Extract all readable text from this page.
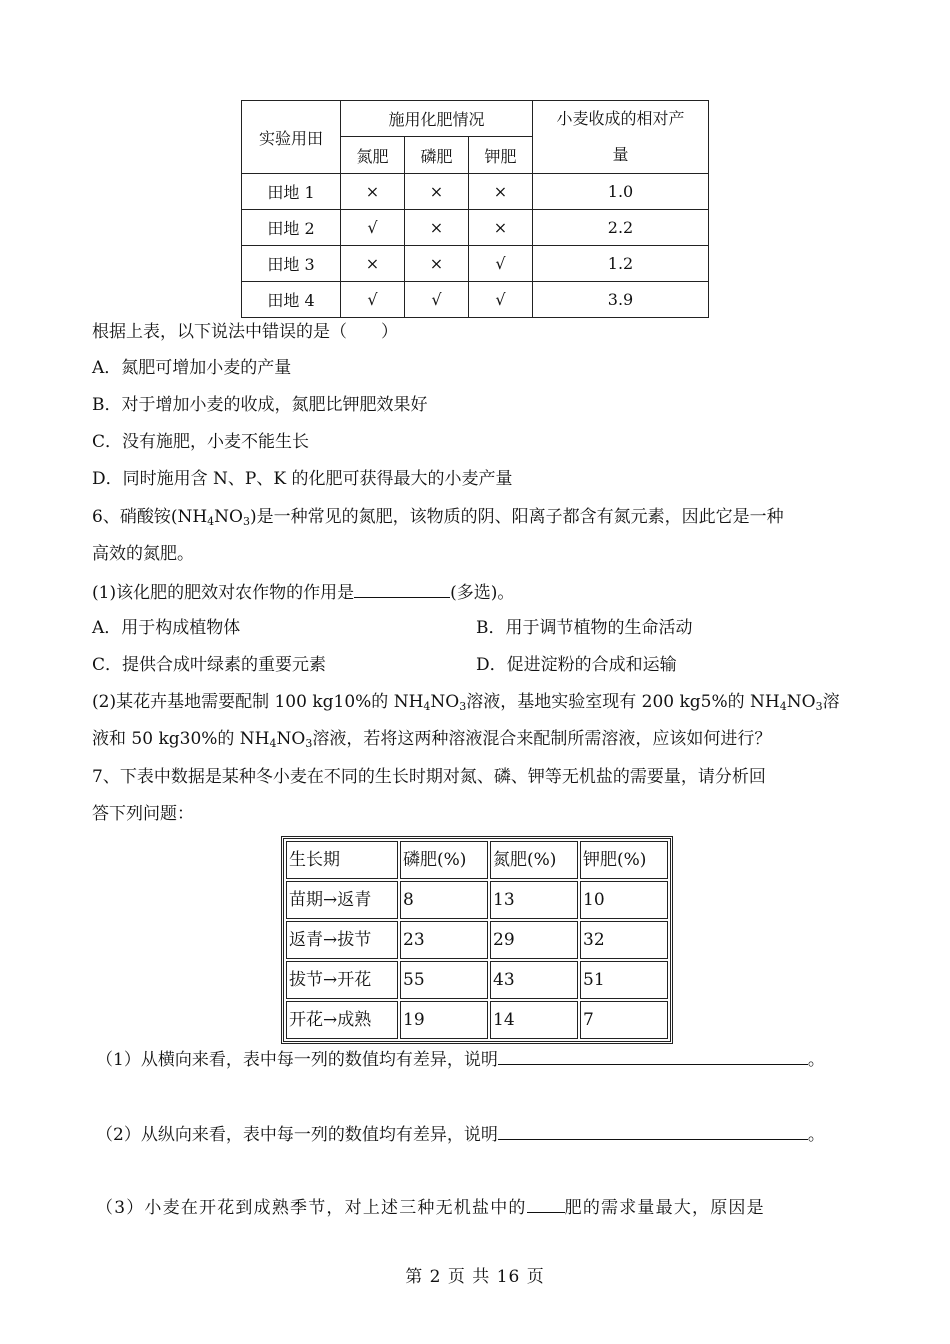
实验用田	施用化肥情况			小麦收成的相对产
量
	氮肥	磷肥	钾肥	
田地 1	×	×	×	1.0
田地 2	√	×	×	2.2
田地 3	×	×	√	1.2
田地 4	√	√	√	3.9
根据上表，以下说法中错误的是（　　）
A．氮肥可增加小麦的产量
B．对于增加小麦的收成，氮肥比钾肥效果好
C．没有施肥，小麦不能生长
D．同时施用含 N、P、K 的化肥可获得最大的小麦产量
6、硝酸铵$(NH_4NO_3)$是一种常见的氮肥，该物质的阴、阳离子都含有氮元素，因此它是一种
高效的氮肥。
(1)该化肥的肥效对农作物的作用是	(多选)。
A．用于构成植物体	B．用于调节植物的生命活动
C．提供合成叶绿素的重要元素	D．促进淀粉的合成和运输
(2)某花卉基地需要配制 100 kg10%的 $NH_4NO_3$溶液，基地实验室现有 200 kg5%的 $NH_4NO_3$溶
液和 50 kg30%的 $NH_4NO_3$溶液，若将这两种溶液混合来配制所需溶液，应该如何进行？
7、下表中数据是某种冬小麦在不同的生长时期对氮、磷、钾等无机盐的需要量，请分析回
答下列问题：
生长期	磷肥(%)	氮肥(%)	钾肥(%)
苗期→返青	8	13	10
返青→拔节	23	29	32
拔节→开花	55	43	51
开花→成熟	19	14	7
（1）从横向来看，表中每一列的数值均有差异，说明	。
（2）从纵向来看，表中每一列的数值均有差异，说明	。
（3）小麦在开花到成熟季节，对上述三种无机盐中的 肥的需求量最大，原因是
第 2 页 共 16 页
